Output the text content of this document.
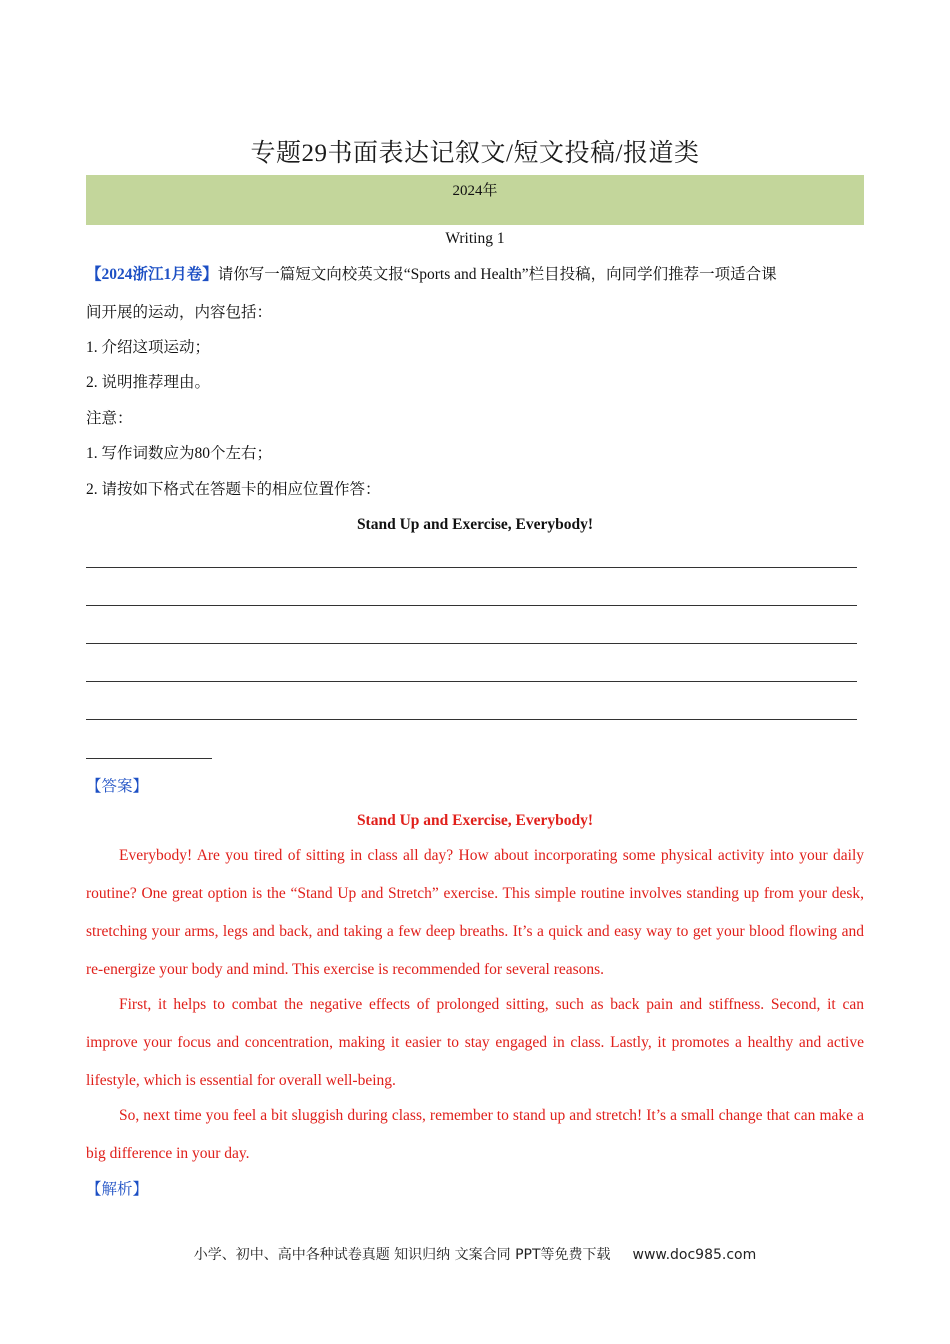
专题29书面表达记叙文/短文投稿/报道类
2024年
Writing 1
【2024浙江1月卷】请你写一篇短文向校英文报“Sports and Health”栏目投稿，向同学们推荐一项适合课
间开展的运动，内容包括：
1. 介绍这项运动；
2. 说明推荐理由。
注意：
1. 写作词数应为80个左右；
2. 请按如下格式在答题卡的相应位置作答：
Stand Up and Exercise, Everybody!
【答案】
Stand Up and Exercise, Everybody!
Everybody! Are you tired of sitting in class all day? How about incorporating some physical activity into your daily routine? One great option is the “Stand Up and Stretch” exercise. This simple routine involves standing up from your desk, stretching your arms, legs and back, and taking a few deep breaths. It’s a quick and easy way to get your blood flowing and re-energize your body and mind. This exercise is recommended for several reasons.
First, it helps to combat the negative effects of prolonged sitting, such as back pain and stiffness. Second, it can improve your focus and concentration, making it easier to stay engaged in class. Lastly, it promotes a healthy and active lifestyle, which is essential for overall well-being.
So, next time you feel a bit sluggish during class, remember to stand up and stretch! It’s a small change that can make a big difference in your day.
【解析】
小学、初中、高中各种试卷真题 知识归纳 文案合同 PPT等免费下载 www.doc985.com
